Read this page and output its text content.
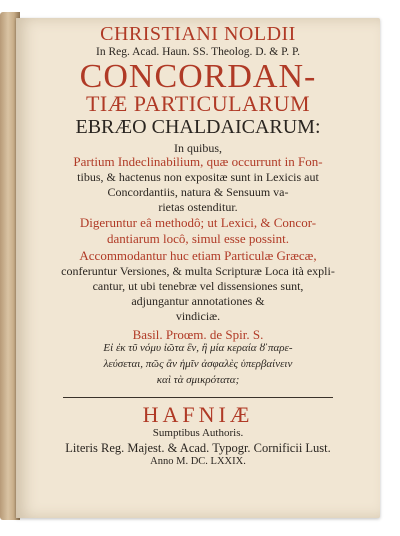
CHRISTIANI NOLDII
In Reg. Acad. Haun. SS. Theolog. D. & P. P.
CONCORDAN-
TIÆ PARTICULARUM
EBRÆO CHALDAICARUM:
In quibus,
Partium Indeclinabilium, quæ occurrunt in Fon-
tibus, & hactenus non expositæ sunt in Lexicis aut
Concordantiis, natura & Sensuum va-
rietas ostenditur.
Digeruntur eâ methodô; ut Lexici, & Concor-
dantiarum locô, simul esse possint.
Accommodantur huc etiam Particulæ Græcæ,
conferuntur Versiones, & multa Scripturæ Loca ità expli-
cantur, ut ubi tenebræ vel dissensiones sunt,
adjungantur annotationes &
vindiciæ.
Basil. Proœm. de Spir. S.
Εἰ ἐκ τῦ νόμυ ἰῶτα ἓν, ἢ μία κεραία ȣ̓ παρε-
λεύσεται, πῶς ἂν ἡμῖν ἀσφαλὲς ὑπερβαίνειν
καὶ τὰ σμικρότατα;
HAFNIÆ
Sumptibus Authoris.
Literis Reg. Majest. & Acad. Typogr. Cornificii Lust.
Anno M. DC. LXXIX.
